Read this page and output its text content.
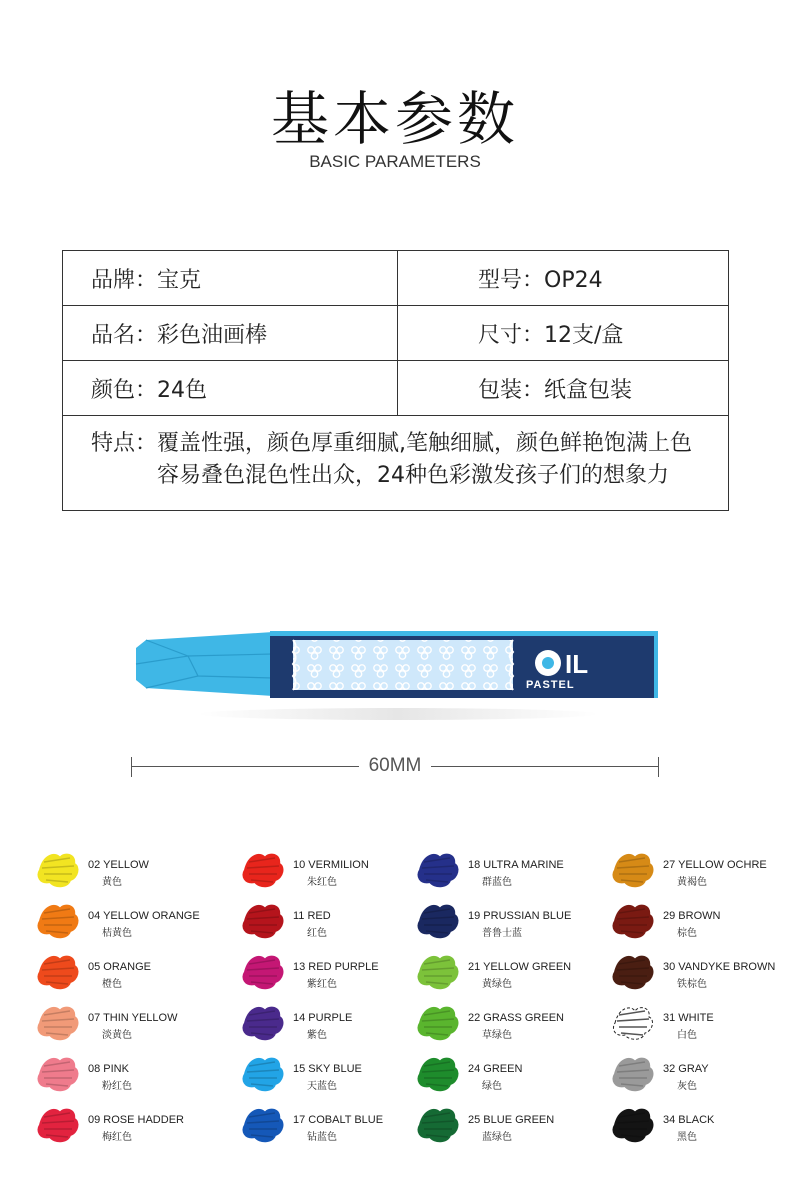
基本参数
BASIC PARAMETERS
品牌：宝克	型号：OP24
品名：彩色油画棒	尺寸：12支/盒
颜色：24色	包装：纸盒包装

特点： 覆盖性强，颜色厚重细腻,笔触细腻，颜色鲜艳饱满上色容易叠色混色性出众，24种色彩激发孩子们的想象力	
IL
PASTEL
60MM
02 YELLOW
黄色
04 YELLOW ORANGE
桔黄色
05 ORANGE
橙色
07 THIN YELLOW
淡黄色
08 PINK
粉红色
09 ROSE HADDER
梅红色
10 VERMILION
朱红色
11 RED
红色
13 RED PURPLE
紫红色
14 PURPLE
紫色
15 SKY BLUE
天蓝色
17 COBALT BLUE
钻蓝色
18 ULTRA MARINE
群蓝色
19 PRUSSIAN BLUE
普鲁士蓝
21 YELLOW GREEN
黄绿色
22 GRASS GREEN
草绿色
24 GREEN
绿色
25 BLUE GREEN
蓝绿色
27 YELLOW OCHRE
黄褐色
29 BROWN
棕色
30 VANDYKE BROWN
铁棕色
31 WHITE
白色
32 GRAY
灰色
34 BLACK
黑色
